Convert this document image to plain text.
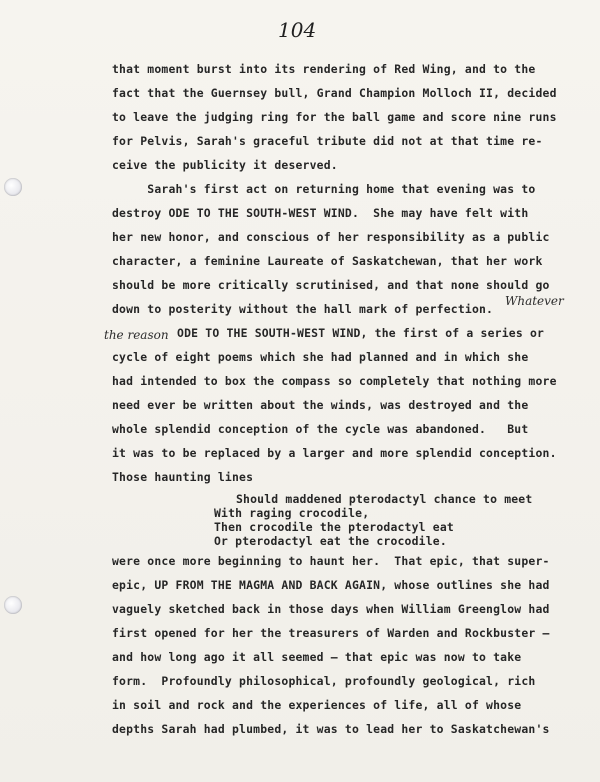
104
that moment burst into its rendering of Red Wing, and to the
fact that the Guernsey bull, Grand Champion Molloch II, decided
to leave the judging ring for the ball game and score nine runs
for Pelvis, Sarah's graceful tribute did not at that time re-
ceive the publicity it deserved.
Sarah's first act on returning home that evening was to
destroy ODE TO THE SOUTH-WEST WIND.  She may have felt with
her new honor, and conscious of her responsibility as a public
character, a feminine Laureate of Saskatchewan, that her work
should be more critically scrutinised, and that none should go
down to posterity without the hall mark of perfection.
Whatever
the reason ODE TO THE SOUTH-WEST WIND, the first of a series or
cycle of eight poems which she had planned and in which she
had intended to box the compass so completely that nothing more
need ever be written about the winds, was destroyed and the
whole splendid conception of the cycle was abandoned.   But
it was to be replaced by a larger and more splendid conception.
Those haunting lines
Should maddened pterodactyl chance to meet
With raging crocodile,
Then crocodile the pterodactyl eat
Or pterodactyl eat the crocodile.
were once more beginning to haunt her.  That epic, that super-
epic, UP FROM THE MAGMA AND BACK AGAIN, whose outlines she had
vaguely sketched back in those days when William Greenglow had
first opened for her the treasurers of Warden and Rockbuster —
and how long ago it all seemed — that epic was now to take
form.  Profoundly philosophical, profoundly geological, rich
in soil and rock and the experiences of life, all of whose
depths Sarah had plumbed, it was to lead her to Saskatchewan's
